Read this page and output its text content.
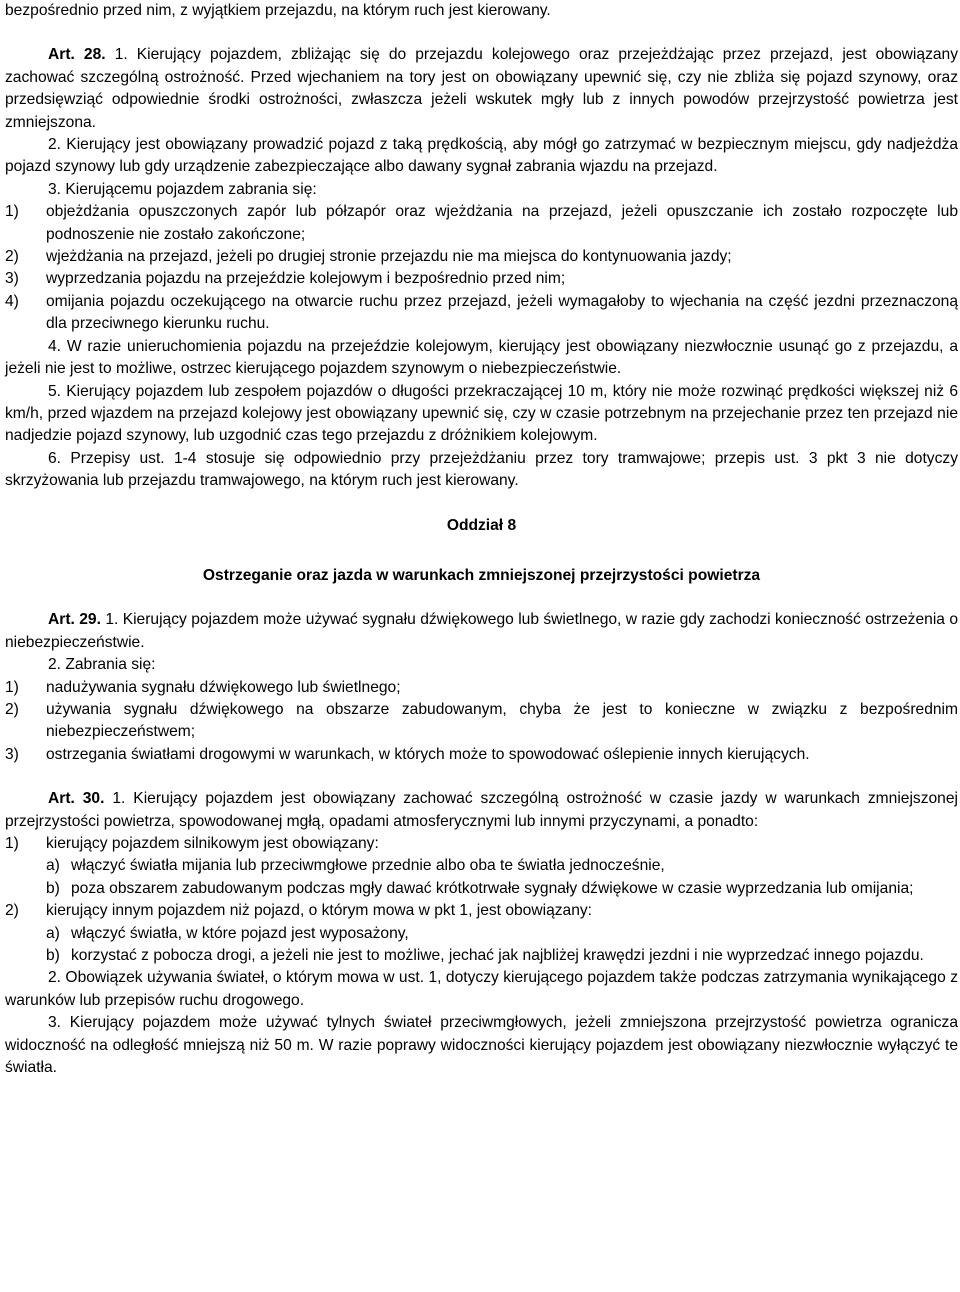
bezpośrednio przed nim, z wyjątkiem przejazdu, na którym ruch jest kierowany.

Art. 28. 1. Kierujący pojazdem, zbliżając się do przejazdu kolejowego oraz przejeżdżając przez przejazd, jest obowiązany zachować szczególną ostrożność. Przed wjechaniem na tory jest on obowiązany upewnić się, czy nie zbliża się pojazd szynowy, oraz przedsięwziąć odpowiednie środki ostrożności, zwłaszcza jeżeli wskutek mgły lub z innych powodów przejrzystość powietrza jest zmniejszona.

2. Kierujący jest obowiązany prowadzić pojazd z taką prędkością, aby mógł go zatrzymać w bezpiecznym miejscu, gdy nadjeżdża pojazd szynowy lub gdy urządzenie zabezpieczające albo dawany sygnał zabrania wjazdu na przejazd.

3. Kierującemu pojazdem zabrania się:

1)	objeżdżania opuszczonych zapór lub półzapór oraz wjeżdżania na przejazd, jeżeli opuszczanie ich zostało rozpoczęte lub podnoszenie nie zostało zakończone;
2)	wjeżdżania na przejazd, jeżeli po drugiej stronie przejazdu nie ma miejsca do kontynuowania jazdy;
3)	wyprzedzania pojazdu na przejeździe kolejowym i bezpośrednio przed nim;
4)	omijania pojazdu oczekującego na otwarcie ruchu przez przejazd, jeżeli wymagałoby to wjechania na część jezdni przeznaczoną dla przeciwnego kierunku ruchu.

4. W razie unieruchomienia pojazdu na przejeździe kolejowym, kierujący jest obowiązany niezwłocznie usunąć go z przejazdu, a jeżeli nie jest to możliwe, ostrzec kierującego pojazdem szynowym o niebezpieczeństwie.

5. Kierujący pojazdem lub zespołem pojazdów o długości przekraczającej 10 m, który nie może rozwinąć prędkości większej niż 6 km/h, przed wjazdem na przejazd kolejowy jest obowiązany upewnić się, czy w czasie potrzebnym na przejechanie przez ten przejazd nie nadjedzie pojazd szynowy, lub uzgodnić czas tego przejazdu z dróżnikiem kolejowym.

6. Przepisy ust. 1-4 stosuje się odpowiednio przy przejeżdżaniu przez tory tramwajowe; przepis ust. 3 pkt 3 nie dotyczy skrzyżowania lub przejazdu tramwajowego, na którym ruch jest kierowany.

Oddział 8

Ostrzeganie oraz jazda w warunkach zmniejszonej przejrzystości powietrza

Art. 29. 1. Kierujący pojazdem może używać sygnału dźwiękowego lub świetlnego, w razie gdy zachodzi konieczność ostrzeżenia o niebezpieczeństwie.

2. Zabrania się:

1)	nadużywania sygnału dźwiękowego lub świetlnego;
2)	używania sygnału dźwiękowego na obszarze zabudowanym, chyba że jest to konieczne w związku z bezpośrednim niebezpieczeństwem;
3)	ostrzegania światłami drogowymi w warunkach, w których może to spowodować oślepienie innych kierujących.

Art. 30. 1. Kierujący pojazdem jest obowiązany zachować szczególną ostrożność w czasie jazdy w warunkach zmniejszonej przejrzystości powietrza, spowodowanej mgłą, opadami atmosferycznymi lub innymi przyczynami, a ponadto:

1)	kierujący pojazdem silnikowym jest obowiązany:
a) włączyć światła mijania lub przeciwmgłowe przednie albo oba te światła jednocześnie,
b) poza obszarem zabudowanym podczas mgły dawać krótkotrwałe sygnały dźwiękowe w czasie wyprzedzania lub omijania;
2)	kierujący innym pojazdem niż pojazd, o którym mowa w pkt 1, jest obowiązany:
a) włączyć światła, w które pojazd jest wyposażony,
b) korzystać z pobocza drogi, a jeżeli nie jest to możliwe, jechać jak najbliżej krawędzi jezdni i nie wyprzedzać innego pojazdu.

2. Obowiązek używania świateł, o którym mowa w ust. 1, dotyczy kierującego pojazdem także podczas zatrzymania wynikającego z warunków lub przepisów ruchu drogowego.

3. Kierujący pojazdem może używać tylnych świateł przeciwmgłowych, jeżeli zmniejszona przejrzystość powietrza ogranicza widoczność na odległość mniejszą niż 50 m. W razie poprawy widoczności kierujący pojazdem jest obowiązany niezwłocznie wyłączyć te światła.
